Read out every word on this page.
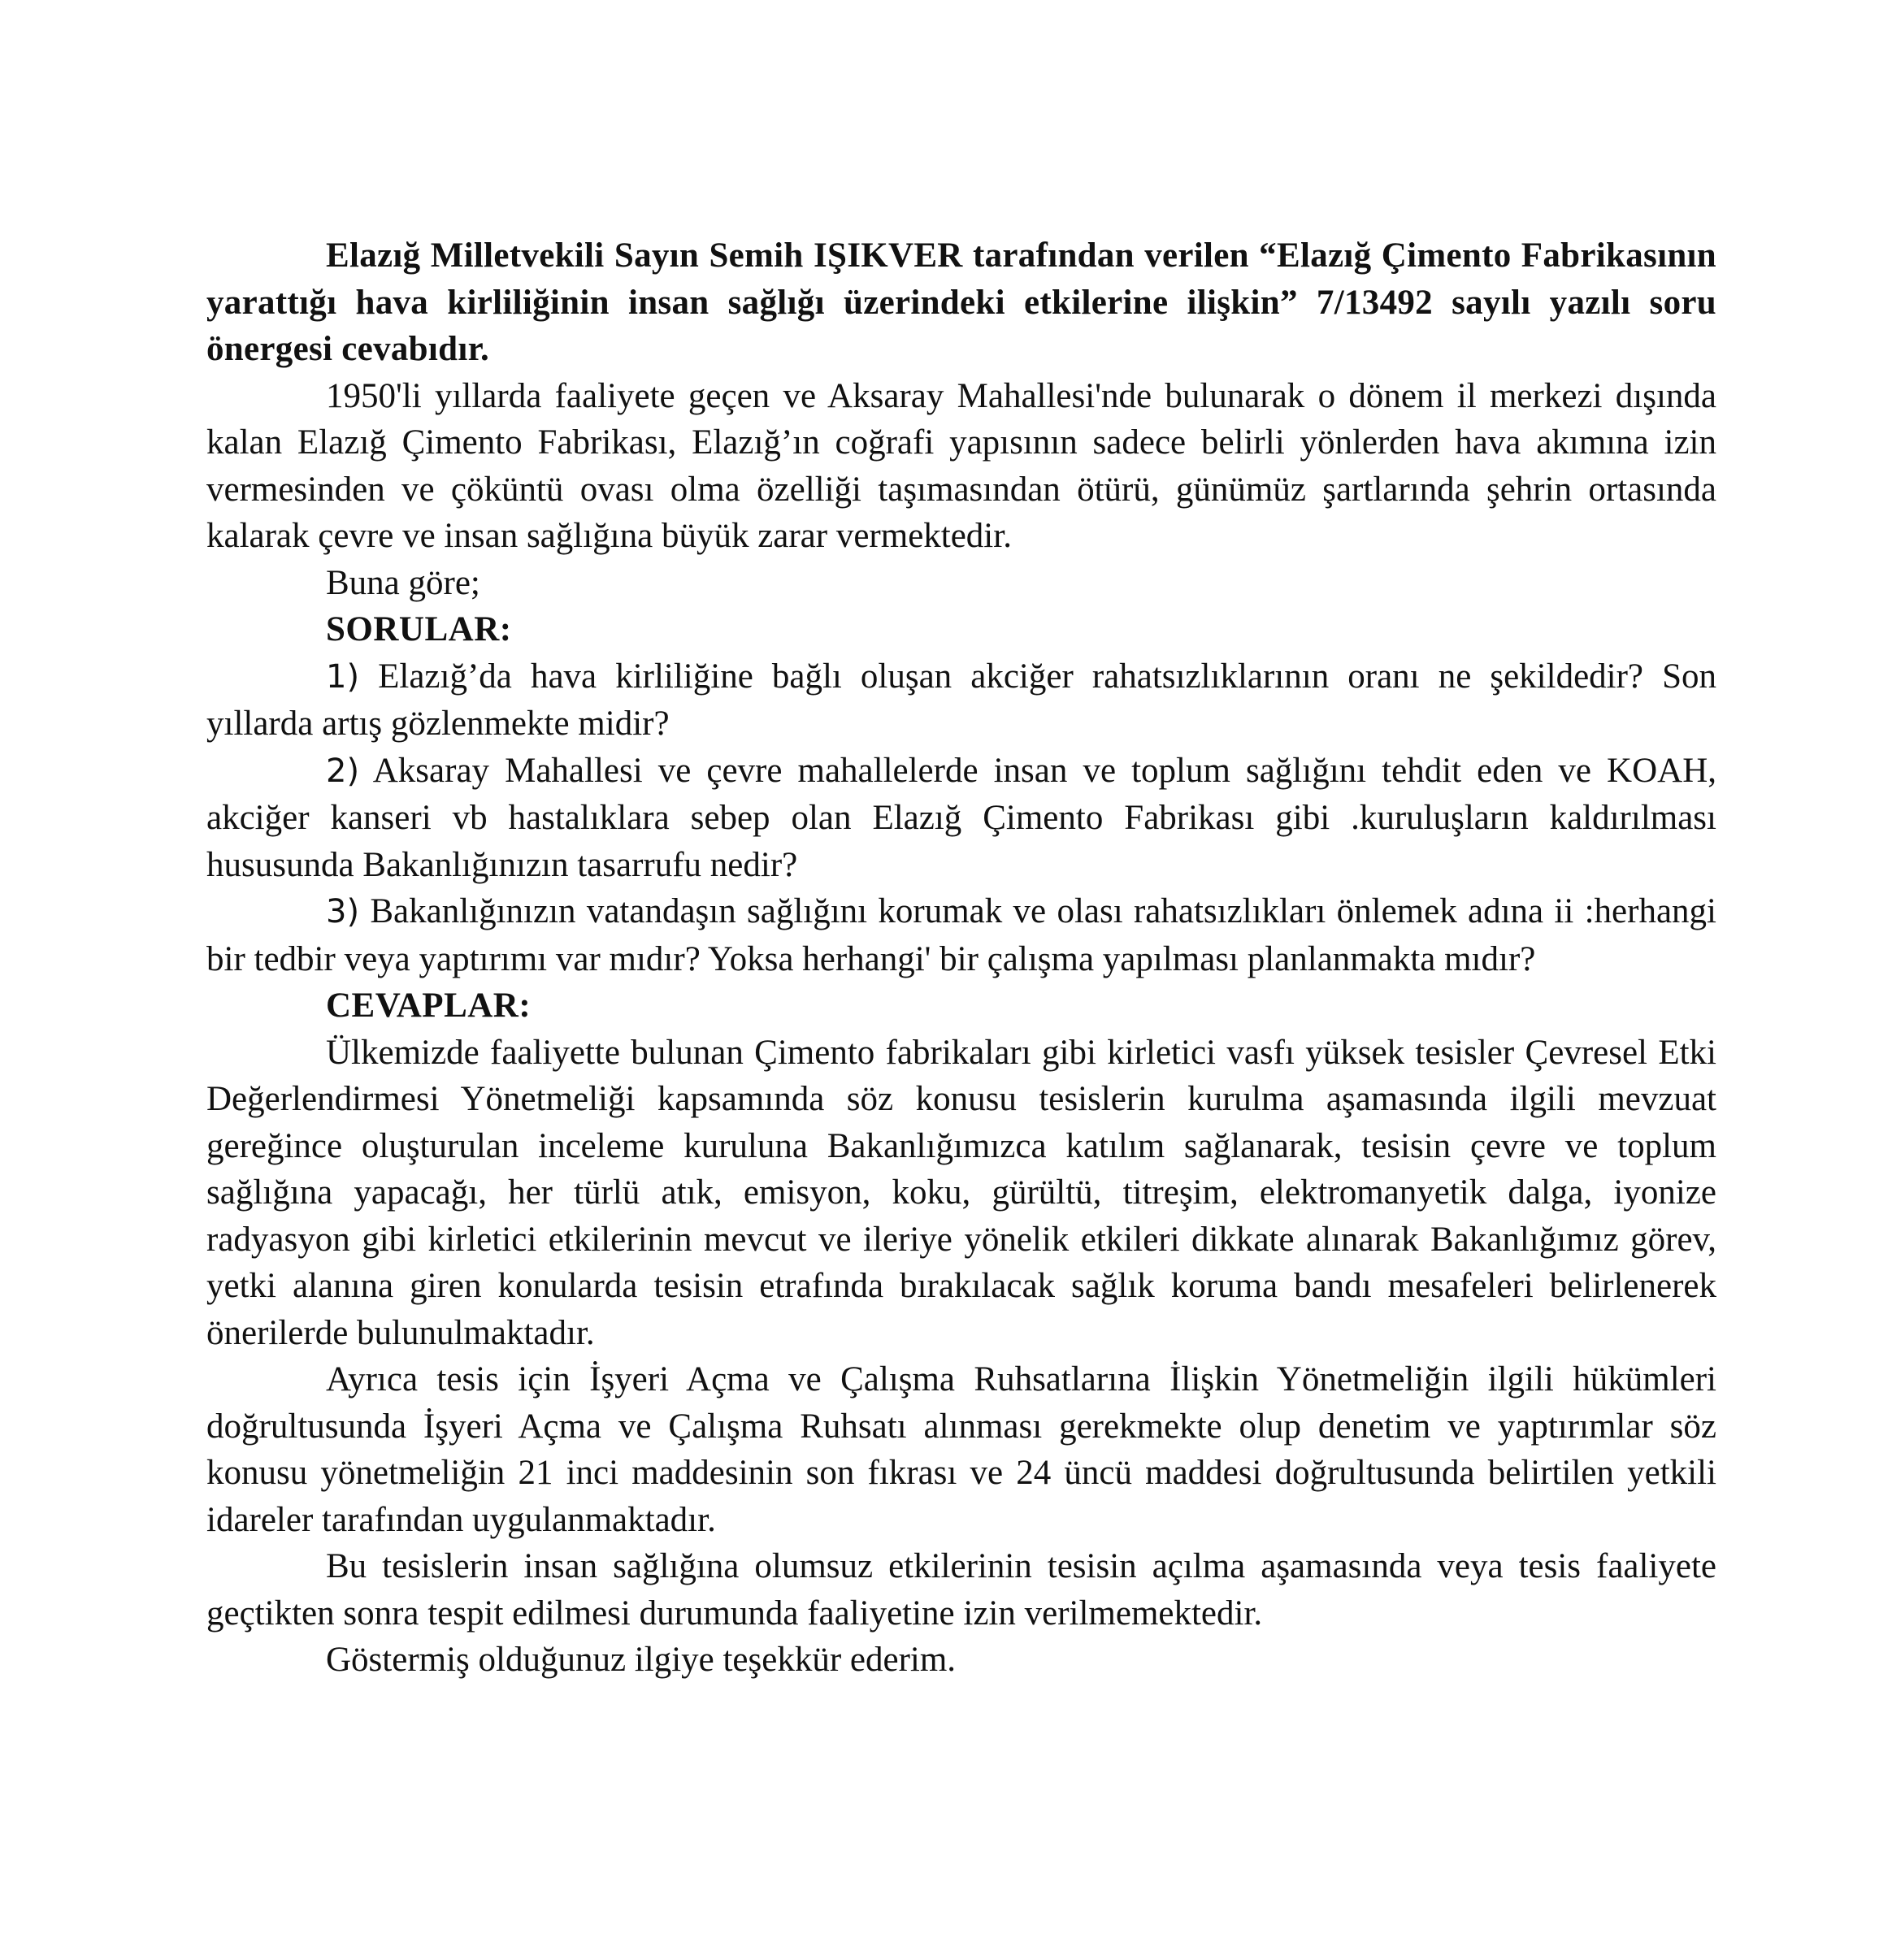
Elazığ Milletvekili Sayın Semih IŞIKVER tarafından verilen “Elazığ Çimento Fabrikasının yarattığı hava kirliliğinin insan sağlığı üzerindeki etkilerine ilişkin” 7/13492 sayılı yazılı soru önergesi cevabıdır.

1950'li yıllarda faaliyete geçen ve Aksaray Mahallesi'nde bulunarak o dönem il merkezi dışında kalan Elazığ Çimento Fabrikası, Elazığ’ın coğrafi yapısının sadece belirli yönlerden hava akımına izin vermesinden ve çöküntü ovası olma özelliği taşımasından ötürü, günümüz şartlarında şehrin ortasında kalarak çevre ve insan sağlığına büyük zarar vermektedir.

Buna göre;

SORULAR:

1) Elazığ’da hava kirliliğine bağlı oluşan akciğer rahatsızlıklarının oranı ne şekildedir? Son yıllarda artış gözlenmekte midir?

2) Aksaray Mahallesi ve çevre mahallelerde insan ve toplum sağlığını tehdit eden ve KOAH, akciğer kanseri vb hastalıklara sebep olan Elazığ Çimento Fabrikası gibi .kuruluşların kaldırılması hususunda Bakanlığınızın tasarrufu nedir?

3) Bakanlığınızın vatandaşın sağlığını korumak ve olası rahatsızlıkları önlemek adına іі :herhangi bir tedbir veya yaptırımı var mıdır? Yoksa herhangi' bir çalışma yapılması planlanmakta mıdır?

CEVAPLAR:

Ülkemizde faaliyette bulunan Çimento fabrikaları gibi kirletici vasfı yüksek tesisler Çevresel Etki Değerlendirmesi Yönetmeliği kapsamında söz konusu tesislerin kurulma aşamasında ilgili mevzuat gereğince oluşturulan inceleme kuruluna Bakanlığımızca katılım sağlanarak, tesisin çevre ve toplum sağlığına yapacağı, her türlü atık, emisyon, koku, gürültü, titreşim, elektromanyetik dalga, iyonize radyasyon gibi kirletici etkilerinin mevcut ve ileriye yönelik etkileri dikkate alınarak Bakanlığımız görev, yetki alanına giren konularda tesisin etrafında bırakılacak sağlık koruma bandı mesafeleri belirlenerek önerilerde bulunulmaktadır.

Ayrıca tesis için İşyeri Açma ve Çalışma Ruhsatlarına İlişkin Yönetmeliğin ilgili hükümleri doğrultusunda İşyeri Açma ve Çalışma Ruhsatı alınması gerekmekte olup denetim ve yaptırımlar söz konusu yönetmeliğin 21 inci maddesinin son fıkrası ve 24 üncü maddesi doğrultusunda belirtilen yetkili idareler tarafından uygulanmaktadır.

Bu tesislerin insan sağlığına olumsuz etkilerinin tesisin açılma aşamasında veya tesis faaliyete geçtikten sonra tespit edilmesi durumunda faaliyetine izin verilmemektedir.

Göstermiş olduğunuz ilgiye teşekkür ederim.
